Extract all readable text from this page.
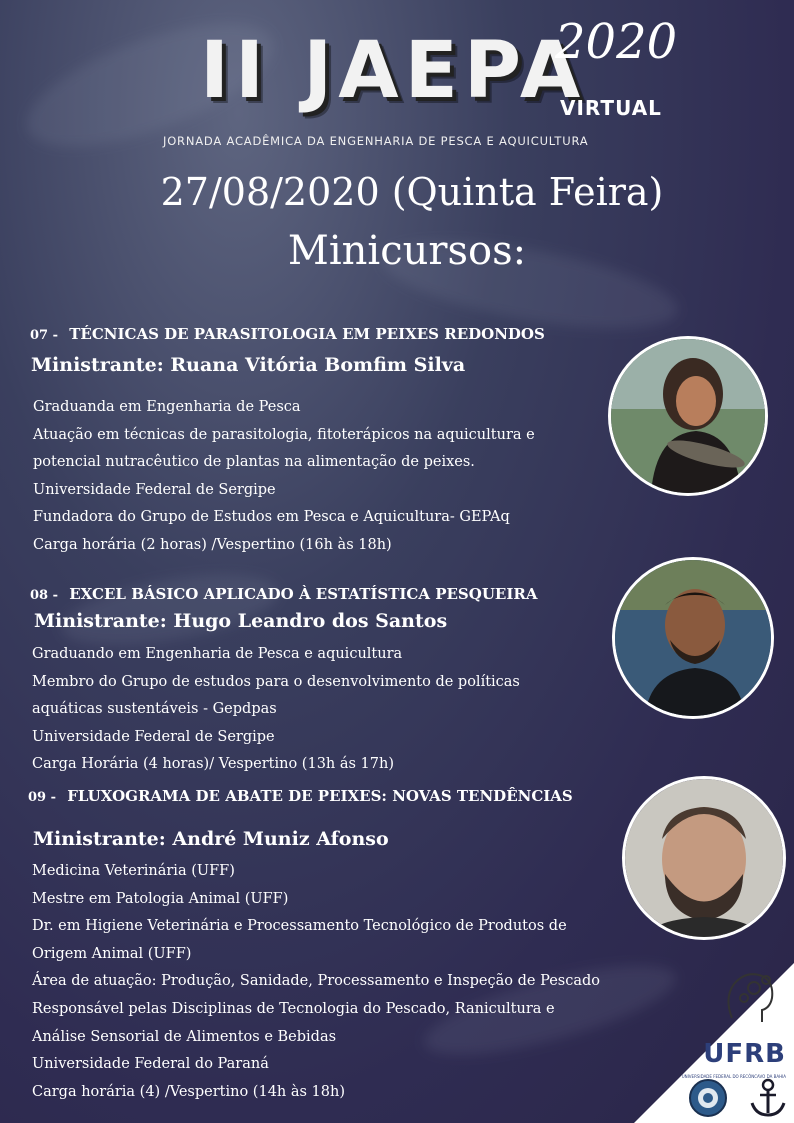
II JAEPA
2020
VIRTUAL
JORNADA ACADÊMICA DA ENGENHARIA DE PESCA E AQUICULTURA
27/08/2020 (Quinta Feira)
Minicursos:
07 - TÉCNICAS DE PARASITOLOGIA EM PEIXES REDONDOS
Ministrante: Ruana Vitória Bomfim Silva
Graduanda em Engenharia de Pesca
Atuação em técnicas de parasitologia, fitoterápicos na aquicultura e
potencial nutracêutico de plantas na alimentação de peixes.
Universidade Federal de Sergipe
Fundadora do Grupo de Estudos em Pesca e Aquicultura- GEPAq
Carga horária (2 horas) /Vespertino (16h às 18h)
08 - EXCEL BÁSICO APLICADO À ESTATÍSTICA PESQUEIRA
Ministrante: Hugo Leandro dos Santos
Graduando em Engenharia de Pesca e aquicultura
Membro do Grupo de estudos para o desenvolvimento de políticas
aquáticas sustentáveis - Gepdpas
Universidade Federal de Sergipe
Carga Horária (4 horas)/ Vespertino (13h ás 17h)
09 - FLUXOGRAMA DE ABATE DE PEIXES: NOVAS TENDÊNCIAS
Ministrante: André Muniz Afonso
Medicina Veterinária (UFF)
Mestre em Patologia Animal (UFF)
Dr. em Higiene Veterinária e Processamento Tecnológico de Produtos de
Origem Animal (UFF)
Área de atuação: Produção, Sanidade, Processamento e Inspeção de Pescado
Responsável pelas Disciplinas de Tecnologia do Pescado, Ranicultura e
Análise Sensorial de Alimentos e Bebidas
Universidade Federal do Paraná
Carga horária (4) /Vespertino (14h às 18h)
UFRB
UNIVERSIDADE FEDERAL DO RECÔNCAVO DA BAHIA
